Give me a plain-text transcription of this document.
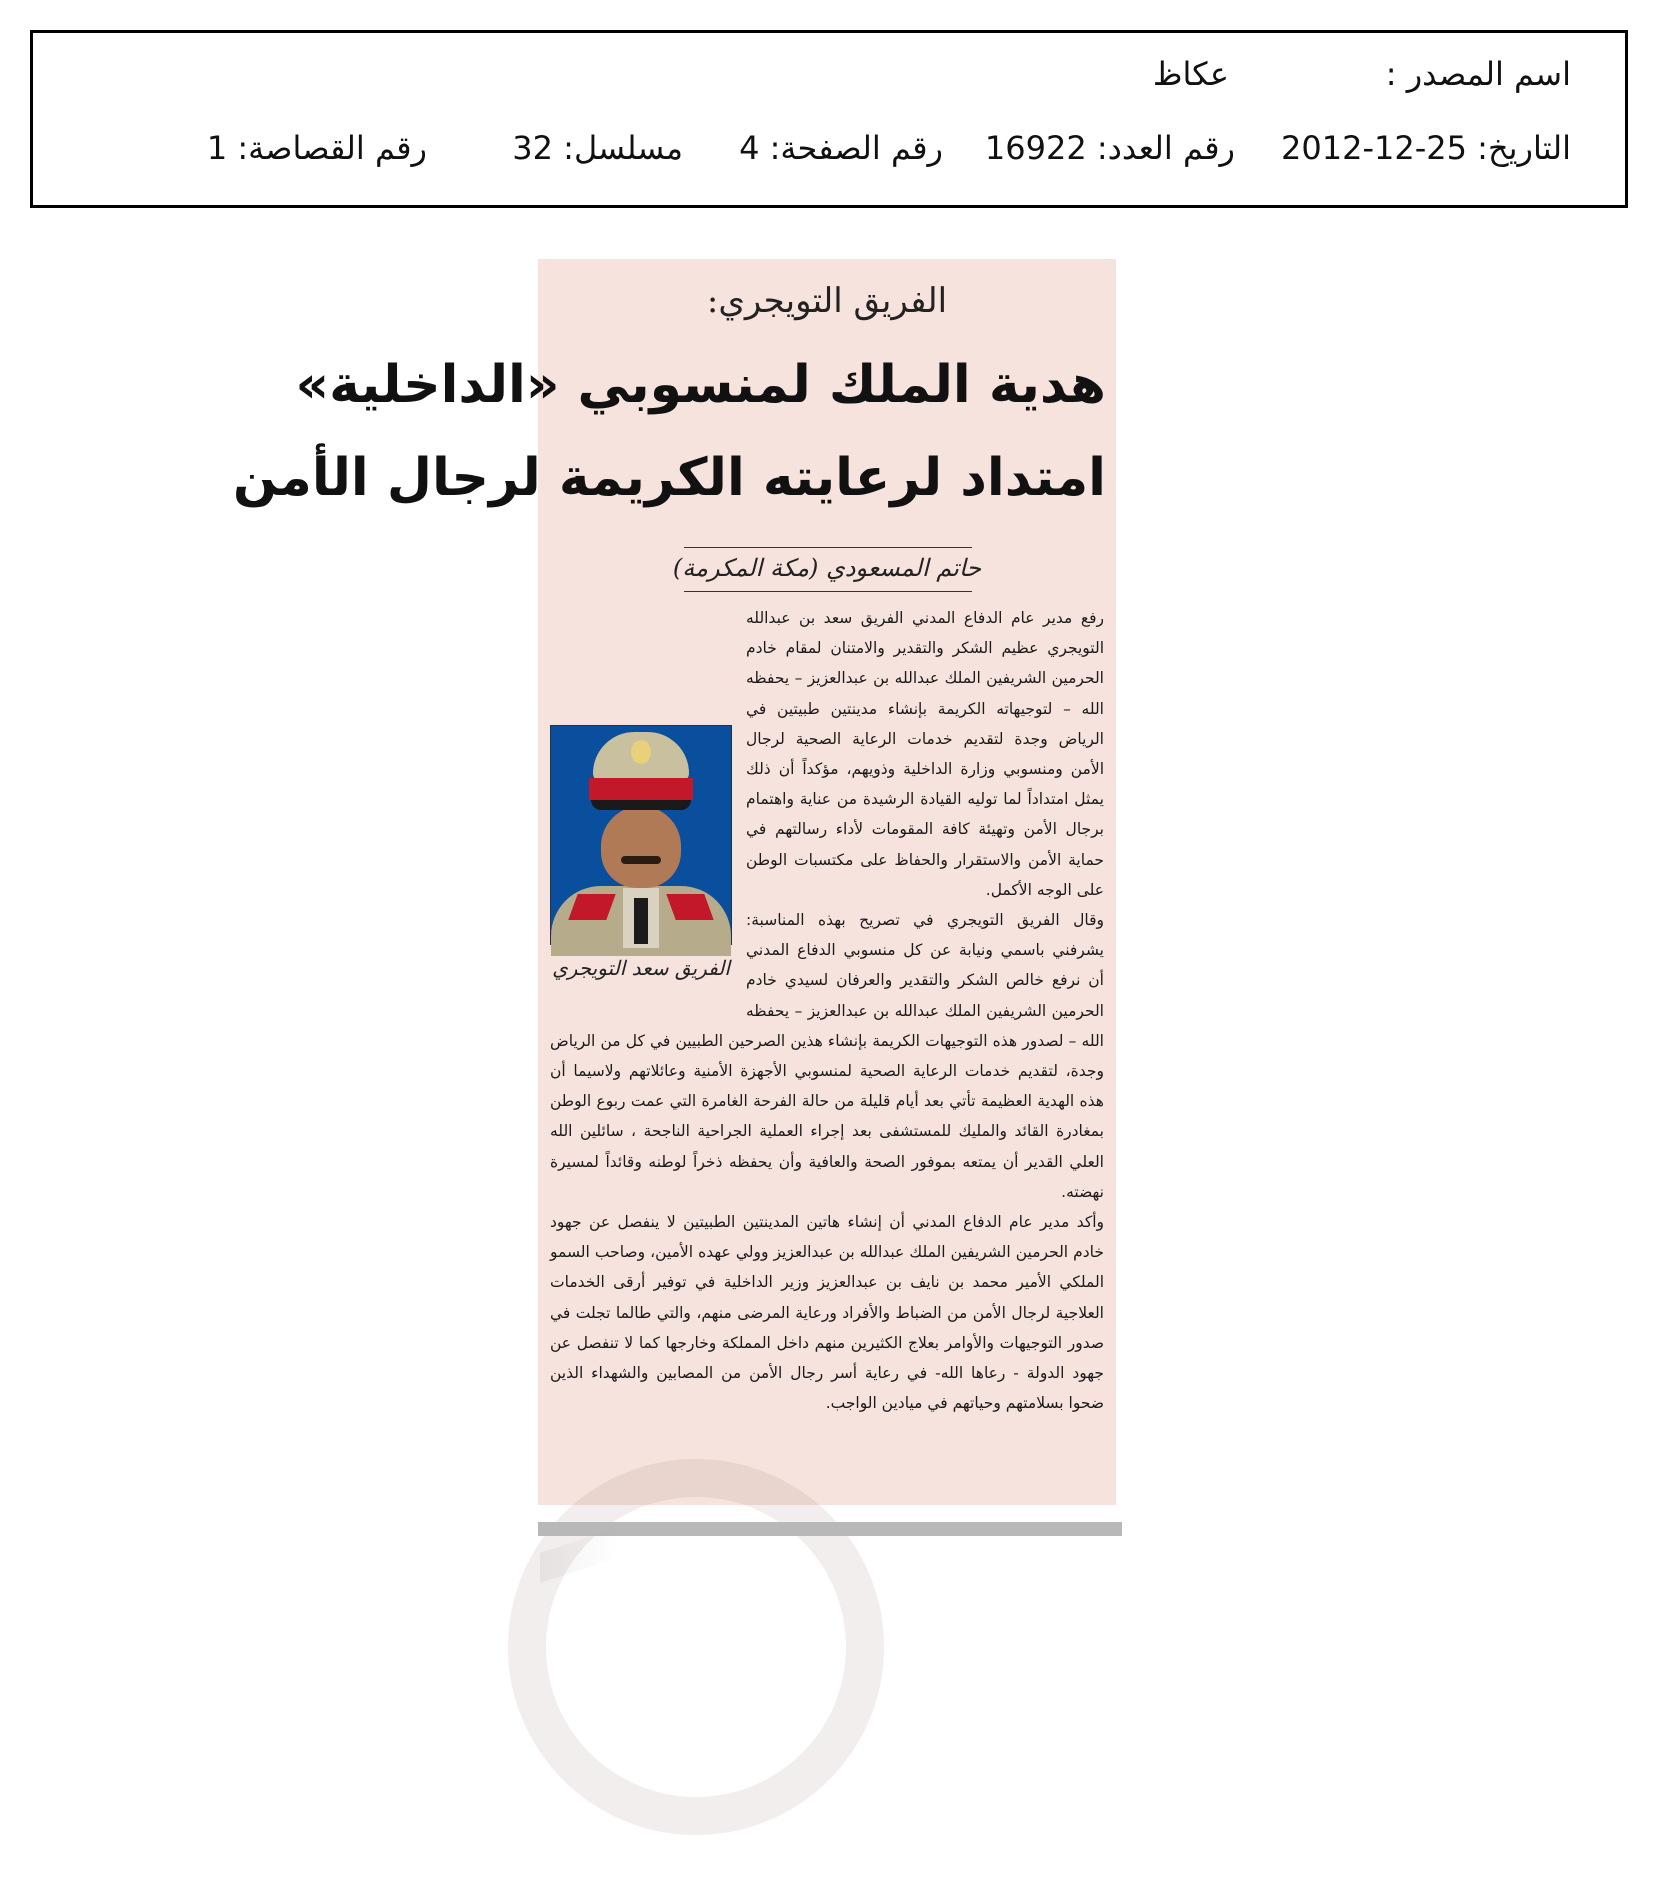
اسم المصدر :
عكاظ
التاريخ: 2012-12-25
رقم العدد: 16922
رقم الصفحة: 4
مسلسل: 32
رقم القصاصة: 1
الفريق التويجري:
هدية الملك لمنسوبي «الداخلية»
امتداد لرعايته الكريمة لرجال الأمن
حاتم المسعودي (مكة المكرمة)
الفريق سعد التويجري

رفع مدير عام الدفاع المدني الفريق سعد بن عبدالله التويجري عظيم الشكر والتقدير والامتنان لمقام خادم الحرمين الشريفين الملك عبدالله بن عبدالعزيز – يحفظه الله – لتوجيهاته الكريمة بإنشاء مدينتين طبيتين في الرياض وجدة لتقديم خدمات الرعاية الصحية لرجال الأمن ومنسوبي وزارة الداخلية وذويهم، مؤكداً أن ذلك يمثل امتداداً لما توليه القيادة الرشيدة من عناية واهتمام برجال الأمن وتهيئة كافة المقومات لأداء رسالتهم في حماية الأمن والاستقرار والحفاظ على مكتسبات الوطن على الوجه الأكمل.

وقال الفريق التويجري في تصريح بهذه المناسبة: يشرفني باسمي ونيابة عن كل منسوبي الدفاع المدني أن نرفع خالص الشكر والتقدير والعرفان لسيدي خادم الحرمين الشريفين الملك عبدالله بن عبدالعزيز – يحفظه الله – لصدور هذه التوجيهات الكريمة بإنشاء هذين الصرحين الطبيين في كل من الرياض وجدة، لتقديم خدمات الرعاية الصحية لمنسوبي الأجهزة الأمنية وعائلاتهم ولاسيما أن هذه الهدية العظيمة تأتي بعد أيام قليلة من حالة الفرحة الغامرة التي عمت ربوع الوطن بمغادرة القائد والمليك للمستشفى بعد إجراء العملية الجراحية الناجحة ، سائلين الله العلي القدير أن يمتعه بموفور الصحة والعافية وأن يحفظه ذخراً لوطنه وقائداً لمسيرة نهضته.

وأكد مدير عام الدفاع المدني أن إنشاء هاتين المدينتين الطبيتين لا ينفصل عن جهود خادم الحرمين الشريفين الملك عبدالله بن عبدالعزيز وولي عهده الأمين، وصاحب السمو الملكي الأمير محمد بن نايف بن عبدالعزيز وزير الداخلية في توفير أرقى الخدمات العلاجية لرجال الأمن من الضباط والأفراد ورعاية المرضى منهم، والتي طالما تجلت في صدور التوجيهات والأوامر بعلاج الكثيرين منهم داخل المملكة وخارجها كما لا تنفصل عن جهود الدولة - رعاها الله- في رعاية أسر رجال الأمن من المصابين والشهداء الذين ضحوا بسلامتهم وحياتهم في ميادين الواجب.
